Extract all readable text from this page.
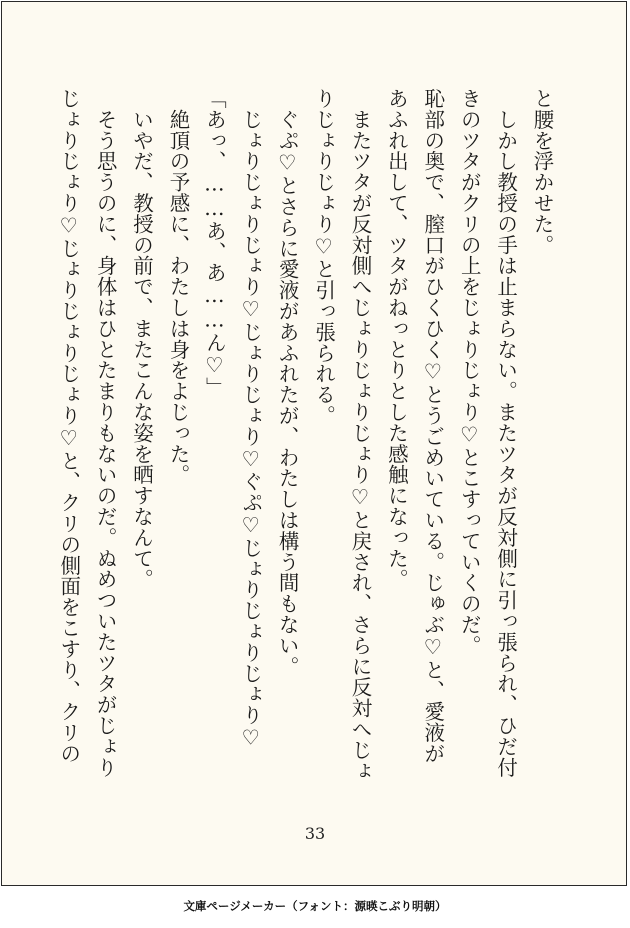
と腰を浮かせた。

　しかし教授の手は止まらない。またツタが反対側に引っ張られ、ひだ付

きのツタがクリの上をじょりじょり♡とこすっていくのだ。

恥部の奥で、膣口がひくひく♡とうごめいている。じゅぶ♡と、愛液が

あふれ出して、ツタがねっとりとした感触になった。

　またツタが反対側へじょりじょりじょり♡と戻され、さらに反対へじょ

りじょりじょり♡と引っ張られる。

　ぐぷ♡とさらに愛液があふれたが、わたしは構う間もない。

　じょりじょりじょり♡じょりじょり♡ぐぷ♡じょりじょりじょり♡

「あっ、……あ、あ……ん♡」

　絶頂の予感に、わたしは身をよじった。

　いやだ、教授の前で、またこんな姿を晒すなんて。

　そう思うのに、身体はひとたまりもないのだ。ぬめついたツタがじょり

じょりじょり♡じょりじょりじょり♡と、クリの側面をこすり、クリの

33
文庫ページメーカー（フォント：源暎こぶり明朝）
